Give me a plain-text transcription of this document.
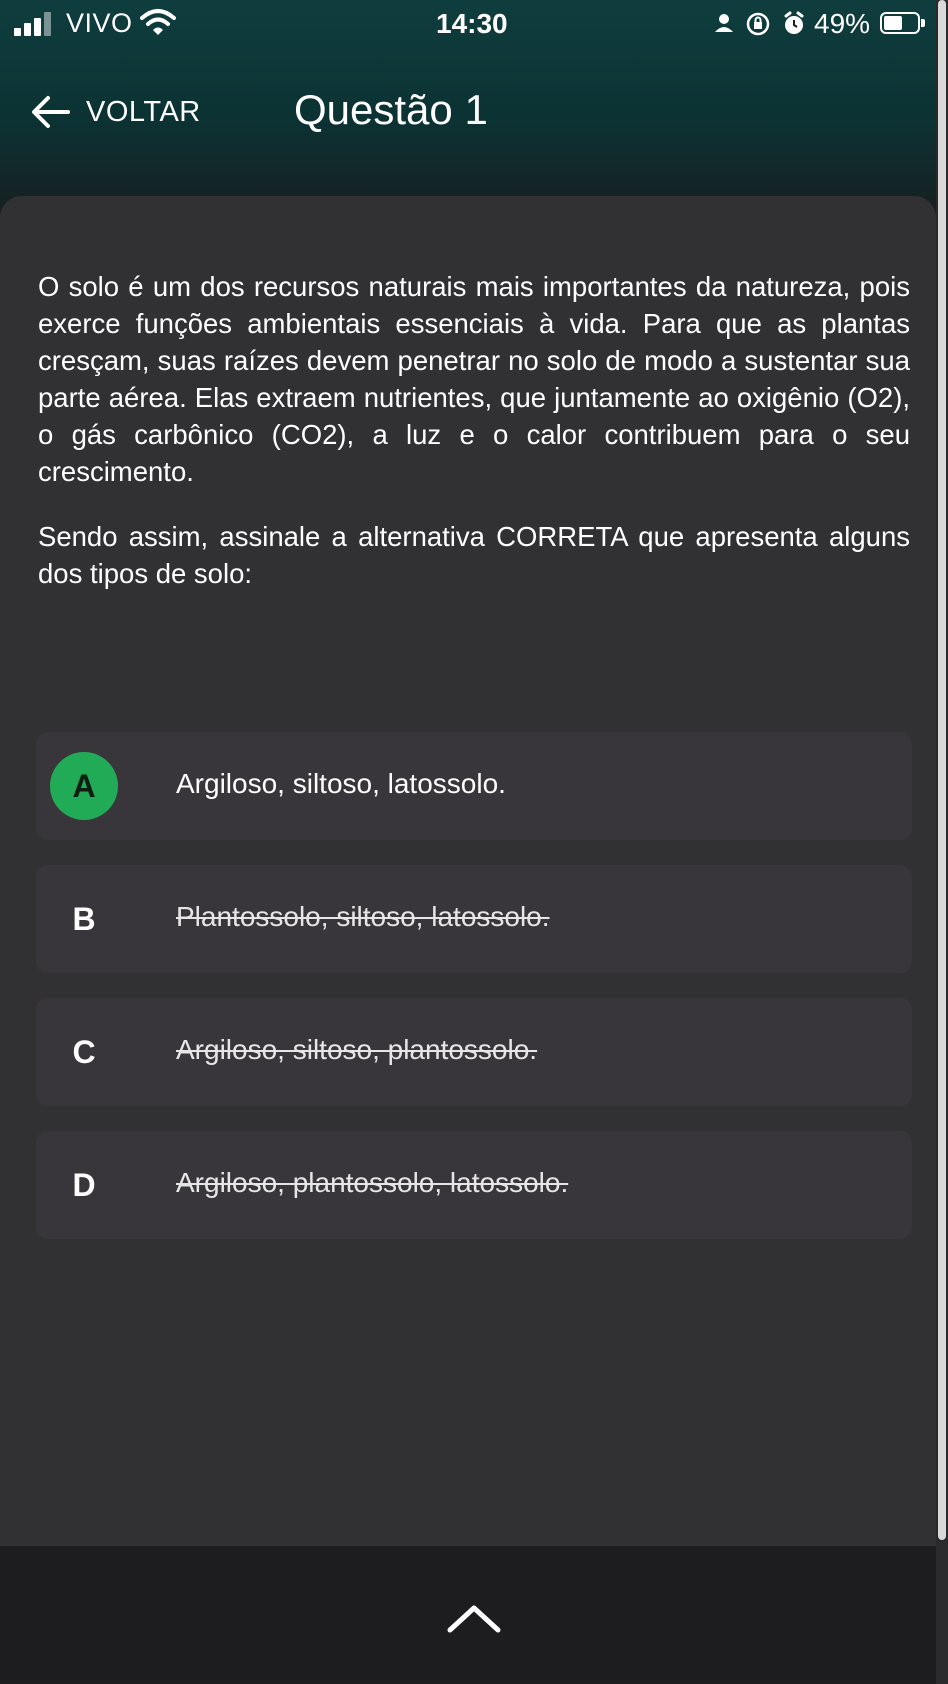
VIVO	14:30	49%
VOLTAR Questão 1

O solo é um dos recursos naturais mais importantes da natureza, pois exerce funções ambientais essenciais à vida. Para que as plantas cresçam, suas raízes devem penetrar no solo de modo a sustentar sua parte aérea. Elas extraem nutrientes, que juntamente ao oxigênio (O2), o gás carbônico (CO2), a luz e o calor contribuem para o seu crescimento.

Sendo assim, assinale a alternativa CORRETA que apresenta alguns dos tipos de solo:

A	Argiloso, siltoso, latossolo.
B	Plantossolo, siltoso, latossolo.
C	Argiloso, siltoso, plantossolo.
D	Argiloso, plantossolo, latossolo.
